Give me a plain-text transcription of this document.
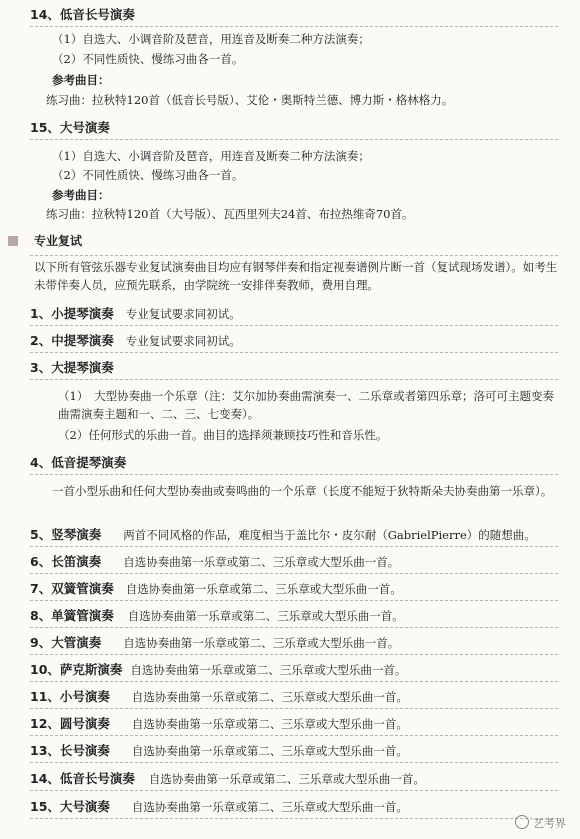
14、低音长号演奏
（1）自选大、小调音阶及琶音，用连音及断奏二种方法演奏；
（2）不同性质快、慢练习曲各一首。
参考曲目：
练习曲：拉秋特120首（低音长号版）、艾伦・奥斯特兰德、博力斯・格林格力。
15、大号演奏
（1）自选大、小调音阶及琶音，用连音及断奏二种方法演奏；
（2）不同性质快、慢练习曲各一首。
参考曲目：
练习曲：拉秋特120首（大号版）、瓦西里列夫24首、布拉热维奇70首。
专业复试
以下所有管弦乐器专业复试演奏曲目均应有钢琴伴奏和指定视奏谱例片断一首（复试现场发谱）。如考生未带伴奏人员，应预先联系，由学院统一安排伴奏教师，费用自理。
1、小提琴演奏 专业复试要求同初试。
2、中提琴演奏 专业复试要求同初试。
3、大提琴演奏
（1）　大型协奏曲一个乐章（注：艾尔加协奏曲需演奏一、二乐章或者第四乐章；洛可可主题变奏曲需演奏主题和一、二、三、七变奏）。
（2）任何形式的乐曲一首。曲目的选择须兼顾技巧性和音乐性。
4、低音提琴演奏
一首小型乐曲和任何大型协奏曲或奏鸣曲的一个乐章（长度不能短于狄特斯朵夫协奏曲第一乐章）。
5、竖琴演奏 两首不同风格的作品，难度相当于盖比尔・皮尔耐（GabrielPierre）的随想曲。
6、长笛演奏 自选协奏曲第一乐章或第二、三乐章或大型乐曲一首。
7、双簧管演奏 自选协奏曲第一乐章或第二、三乐章或大型乐曲一首。
8、单簧管演奏 自选协奏曲第一乐章或第二、三乐章或大型乐曲一首。
9、大管演奏 自选协奏曲第一乐章或第二、三乐章或大型乐曲一首。
10、萨克斯演奏 自选协奏曲第一乐章或第二、三乐章或大型乐曲一首。
11、小号演奏 自选协奏曲第一乐章或第二、三乐章或大型乐曲一首。
12、圆号演奏 自选协奏曲第一乐章或第二、三乐章或大型乐曲一首。
13、长号演奏 自选协奏曲第一乐章或第二、三乐章或大型乐曲一首。
14、低音长号演奏 自选协奏曲第一乐章或第二、三乐章或大型乐曲一首。
15、大号演奏 自选协奏曲第一乐章或第二、三乐章或大型乐曲一首。
艺考界
